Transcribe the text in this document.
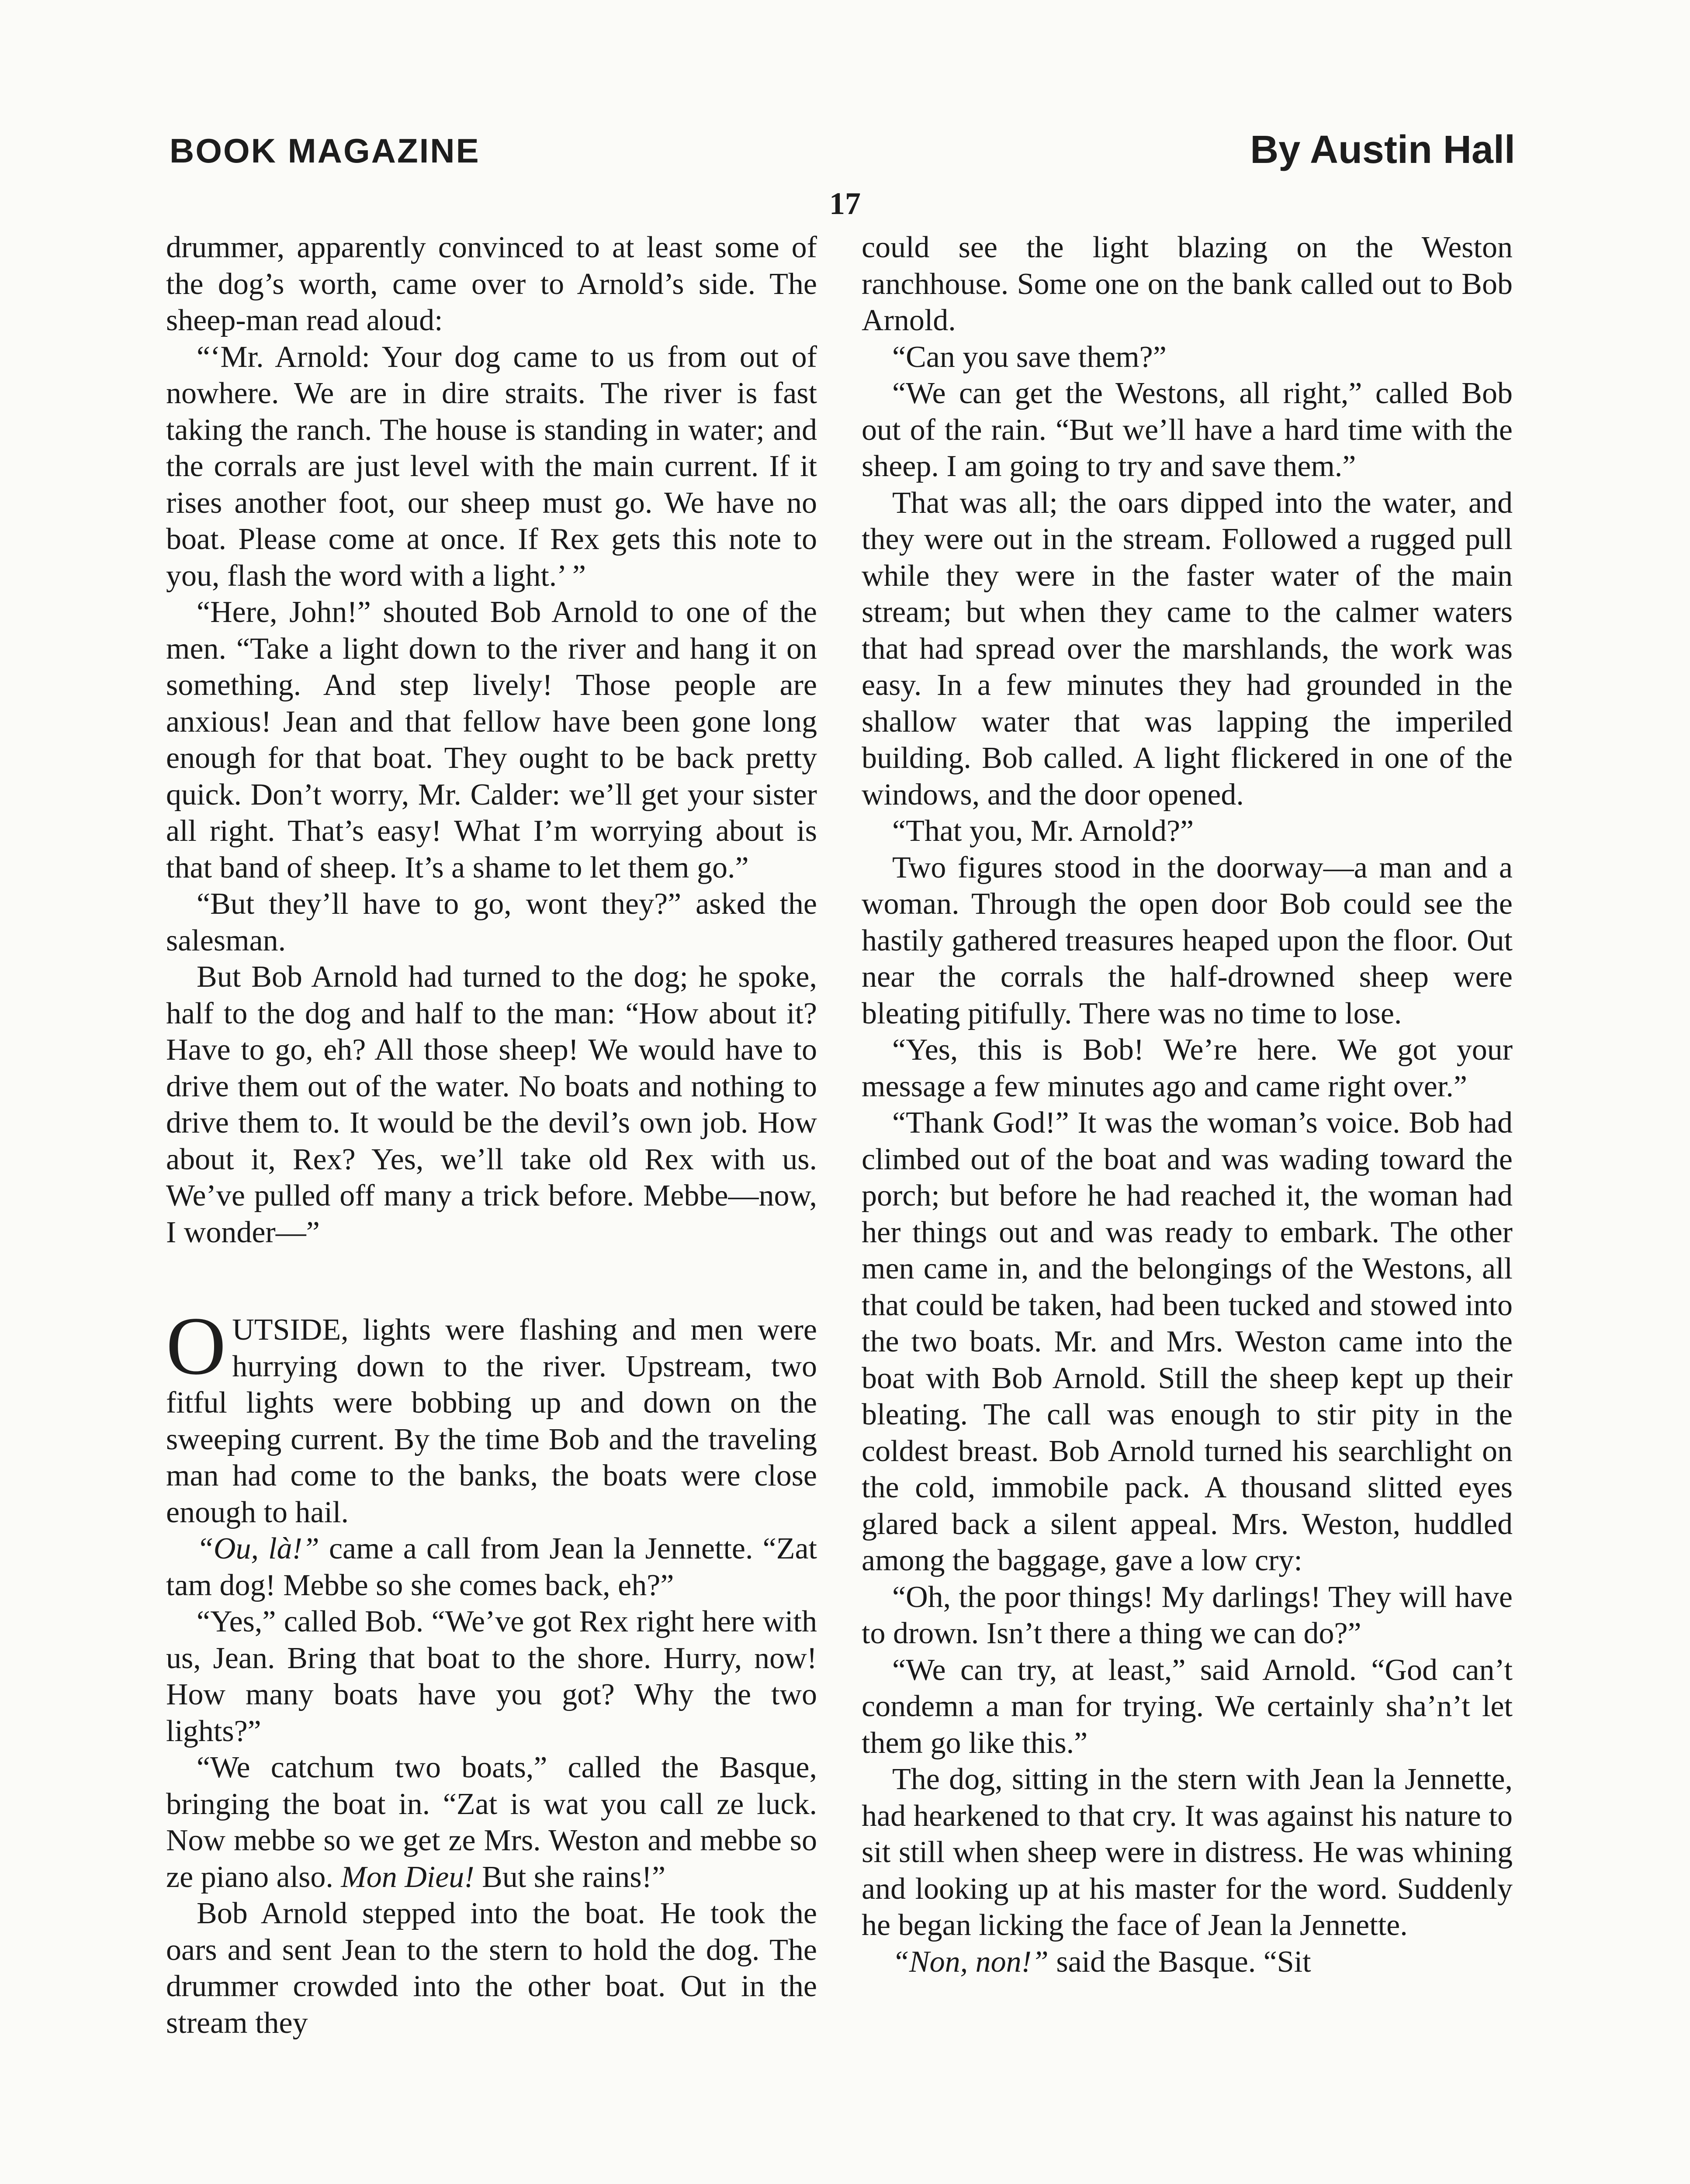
BOOK MAGAZINE	By Austin Hall
17

drummer, apparently convinced to at least some of the dog’s worth, came over to Arnold’s side. The sheep-man read aloud:

“‘Mr. Arnold: Your dog came to us from out of nowhere. We are in dire straits. The river is fast taking the ranch. The house is standing in water; and the corrals are just level with the main current. If it rises another foot, our sheep must go. We have no boat. Please come at once. If Rex gets this note to you, flash the word with a light.’ ”

“Here, John!” shouted Bob Arnold to one of the men. “Take a light down to the river and hang it on something. And step lively! Those people are anxious! Jean and that fellow have been gone long enough for that boat. They ought to be back pretty quick. Don’t worry, Mr. Calder: we’ll get your sister all right. That’s easy! What I’m worrying about is that band of sheep. It’s a shame to let them go.”

“But they’ll have to go, wont they?” asked the salesman.

But Bob Arnold had turned to the dog; he spoke, half to the dog and half to the man: “How about it? Have to go, eh? All those sheep! We would have to drive them out of the water. No boats and nothing to drive them to. It would be the devil’s own job. How about it, Rex? Yes, we’ll take old Rex with us. We’ve pulled off many a trick before. Mebbe—now, I wonder—”

OUTSIDE, lights were flashing and men were hurrying down to the river. Upstream, two fitful lights were bobbing up and down on the sweeping current. By the time Bob and the traveling man had come to the banks, the boats were close enough to hail.

“Ou, là!” came a call from Jean la Jennette. “Zat tam dog! Mebbe so she comes back, eh?”

“Yes,” called Bob. “We’ve got Rex right here with us, Jean. Bring that boat to the shore. Hurry, now! How many boats have you got? Why the two lights?”

“We catchum two boats,” called the Basque, bringing the boat in. “Zat is wat you call ze luck. Now mebbe so we get ze Mrs. Weston and mebbe so ze piano also. Mon Dieu! But she rains!”

Bob Arnold stepped into the boat. He took the oars and sent Jean to the stern to hold the dog. The drummer crowded into the other boat. Out in the stream they

could see the light blazing on the Weston ranchhouse. Some one on the bank called out to Bob Arnold.

“Can you save them?”

“We can get the Westons, all right,” called Bob out of the rain. “But we’ll have a hard time with the sheep. I am going to try and save them.”

That was all; the oars dipped into the water, and they were out in the stream. Followed a rugged pull while they were in the faster water of the main stream; but when they came to the calmer waters that had spread over the marshlands, the work was easy. In a few minutes they had grounded in the shallow water that was lapping the imperiled building. Bob called. A light flickered in one of the windows, and the door opened.

“That you, Mr. Arnold?”

Two figures stood in the doorway—a man and a woman. Through the open door Bob could see the hastily gathered treasures heaped upon the floor. Out near the corrals the half-drowned sheep were bleating pitifully. There was no time to lose.

“Yes, this is Bob! We’re here. We got your message a few minutes ago and came right over.”

“Thank God!” It was the woman’s voice. Bob had climbed out of the boat and was wading toward the porch; but before he had reached it, the woman had her things out and was ready to embark. The other men came in, and the belongings of the Westons, all that could be taken, had been tucked and stowed into the two boats. Mr. and Mrs. Weston came into the boat with Bob Arnold. Still the sheep kept up their bleating. The call was enough to stir pity in the coldest breast. Bob Arnold turned his searchlight on the cold, immobile pack. A thousand slitted eyes glared back a silent appeal. Mrs. Weston, huddled among the baggage, gave a low cry:

“Oh, the poor things! My darlings! They will have to drown. Isn’t there a thing we can do?”

“We can try, at least,” said Arnold. “God can’t condemn a man for trying. We certainly sha’n’t let them go like this.”

The dog, sitting in the stern with Jean la Jennette, had hearkened to that cry. It was against his nature to sit still when sheep were in distress. He was whining and looking up at his master for the word. Suddenly he began licking the face of Jean la Jennette.

“Non, non!” said the Basque. “Sit
